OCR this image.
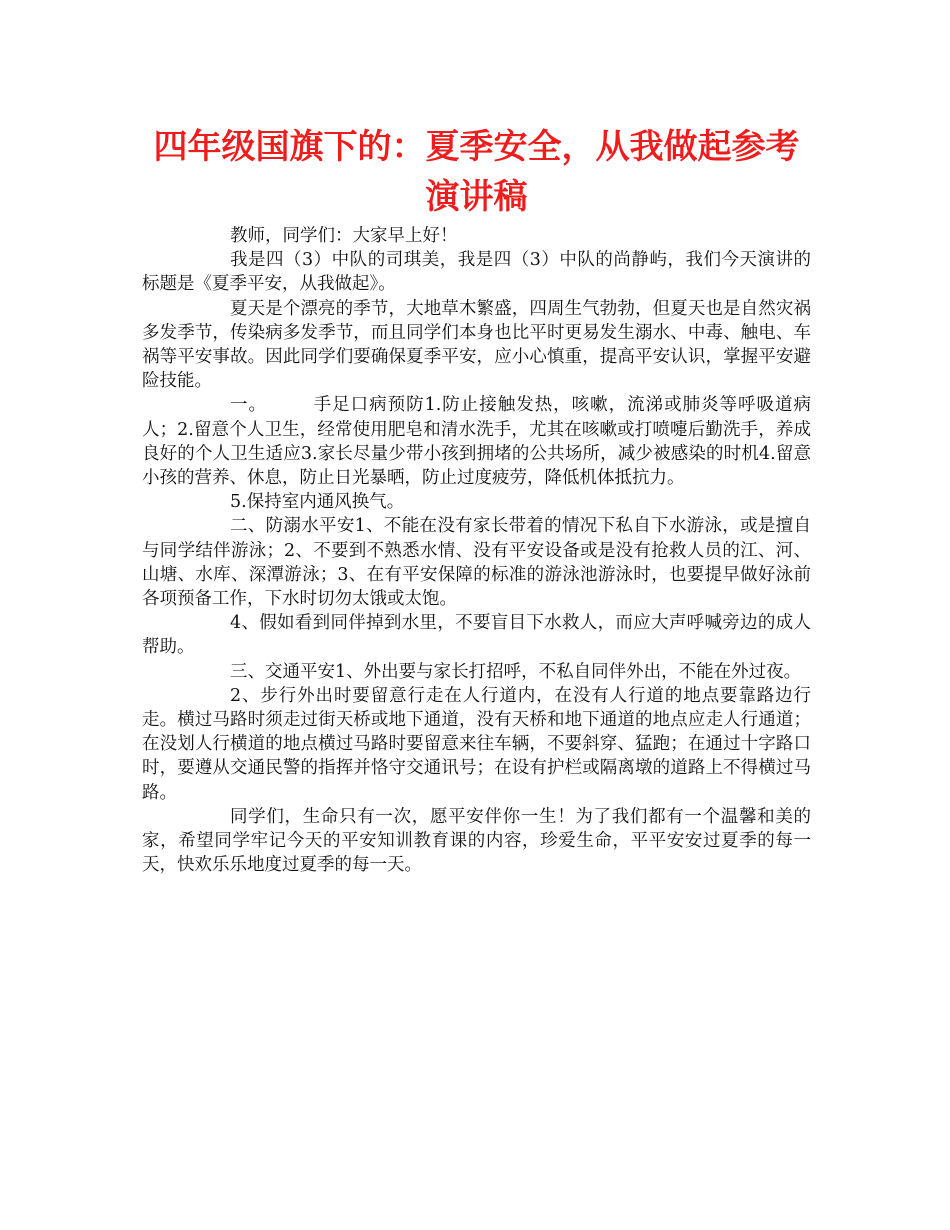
四年级国旗下的：夏季安全，从我做起参考演讲稿

教师，同学们：大家早上好！

我是四（3）中队的司琪美，我是四（3）中队的尚静屿，我们今天演讲的标题是《夏季平安，从我做起》。

夏天是个漂亮的季节，大地草木繁盛，四周生气勃勃，但夏天也是自然灾祸多发季节，传染病多发季节，而且同学们本身也比平时更易发生溺水、中毒、触电、车祸等平安事故。因此同学们要确保夏季平安，应小心慎重，提高平安认识，掌握平安避险技能。

一。　　　手足口病预防1.防止接触发热，咳嗽，流涕或肺炎等呼吸道病人；2.留意个人卫生，经常使用肥皂和清水洗手，尤其在咳嗽或打喷嚏后勤洗手，养成良好的个人卫生适应3.家长尽量少带小孩到拥堵的公共场所，减少被感染的时机4.留意小孩的营养、休息，防止日光暴晒，防止过度疲劳，降低机体抵抗力。

5.保持室内通风换气。

二、防溺水平安1、不能在没有家长带着的情况下私自下水游泳，或是擅自与同学结伴游泳；2、不要到不熟悉水情、没有平安设备或是没有抢救人员的江、河、山塘、水库、深潭游泳；3、在有平安保障的标准的游泳池游泳时，也要提早做好泳前各项预备工作，下水时切勿太饿或太饱。

4、假如看到同伴掉到水里，不要盲目下水救人，而应大声呼喊旁边的成人帮助。

三、交通平安1、外出要与家长打招呼，不私自同伴外出，不能在外过夜。

2、步行外出时要留意行走在人行道内，在没有人行道的地点要靠路边行走。横过马路时须走过街天桥或地下通道，没有天桥和地下通道的地点应走人行通道；在没划人行横道的地点横过马路时要留意来往车辆，不要斜穿、猛跑；在通过十字路口时，要遵从交通民警的指挥并恪守交通讯号；在设有护栏或隔离墩的道路上不得横过马路。

同学们，生命只有一次，愿平安伴你一生！为了我们都有一个温馨和美的家，希望同学牢记今天的平安知训教育课的内容，珍爱生命，平平安安过夏季的每一天，快欢乐乐地度过夏季的每一天。
